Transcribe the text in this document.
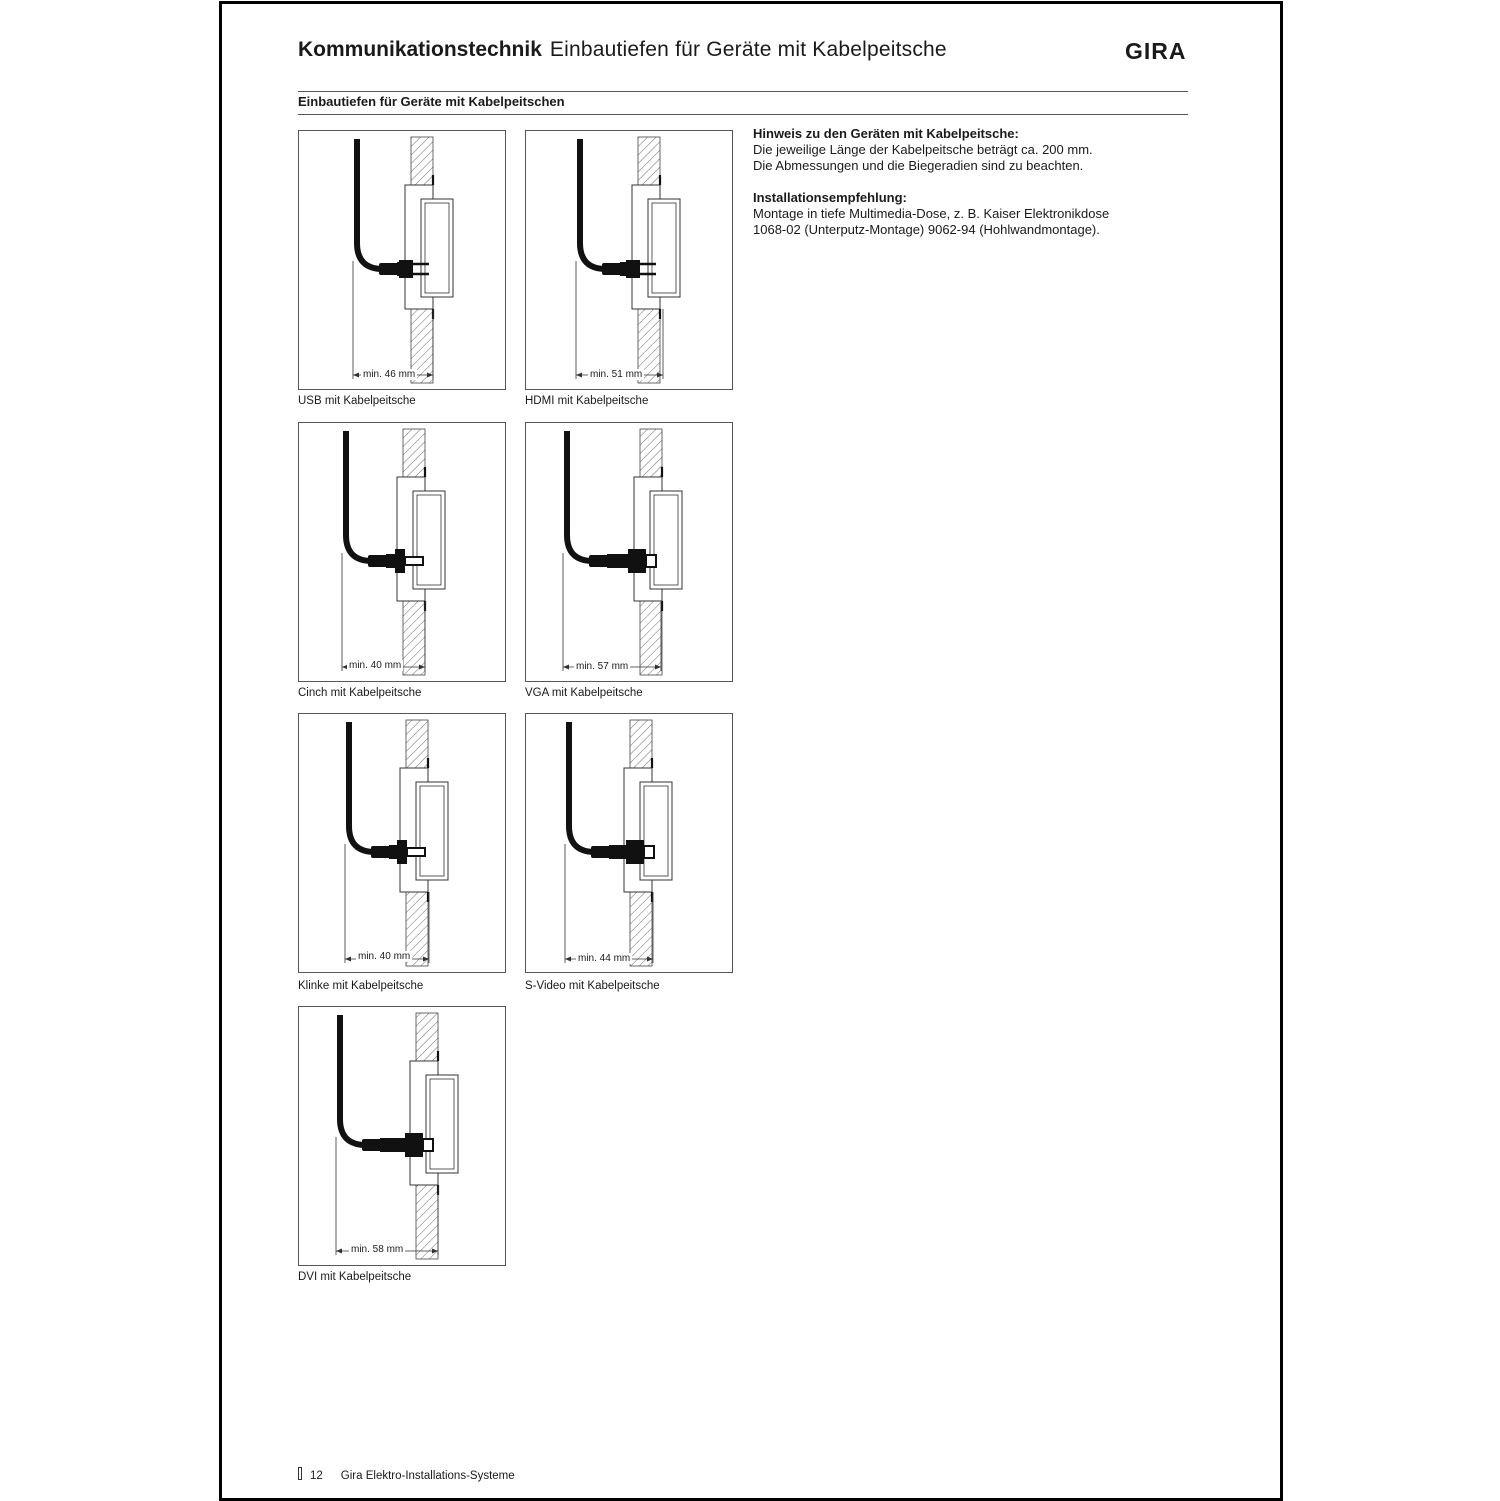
Kommunikationstechnik Einbautiefen für Geräte mit Kabelpeitsche	GIRA
Einbautiefen für Geräte mit Kabelpeitschen
min. 46 mm
USB mit Kabelpeitsche
min. 51 mm
HDMI mit Kabelpeitsche
min. 40 mm
Cinch mit Kabelpeitsche
min. 57 mm
VGA mit Kabelpeitsche
min. 40 mm
Klinke mit Kabelpeitsche
min. 44 mm
S-Video mit Kabelpeitsche
min. 58 mm
DVI mit Kabelpeitsche

Hinweis zu den Geräten mit Kabelpeitsche:

Die jeweilige Länge der Kabelpeitsche beträgt ca. 200 mm.

Die Abmessungen und die Biegeradien sind zu beachten.

Installationsempfehlung:

Montage in tiefe Multimedia-Dose, z. B. Kaiser Elektronikdose

1068-02 (Unterputz-Montage) 9062-94 (Hohlwandmontage).

12 Gira Elektro-Installations-Systeme
